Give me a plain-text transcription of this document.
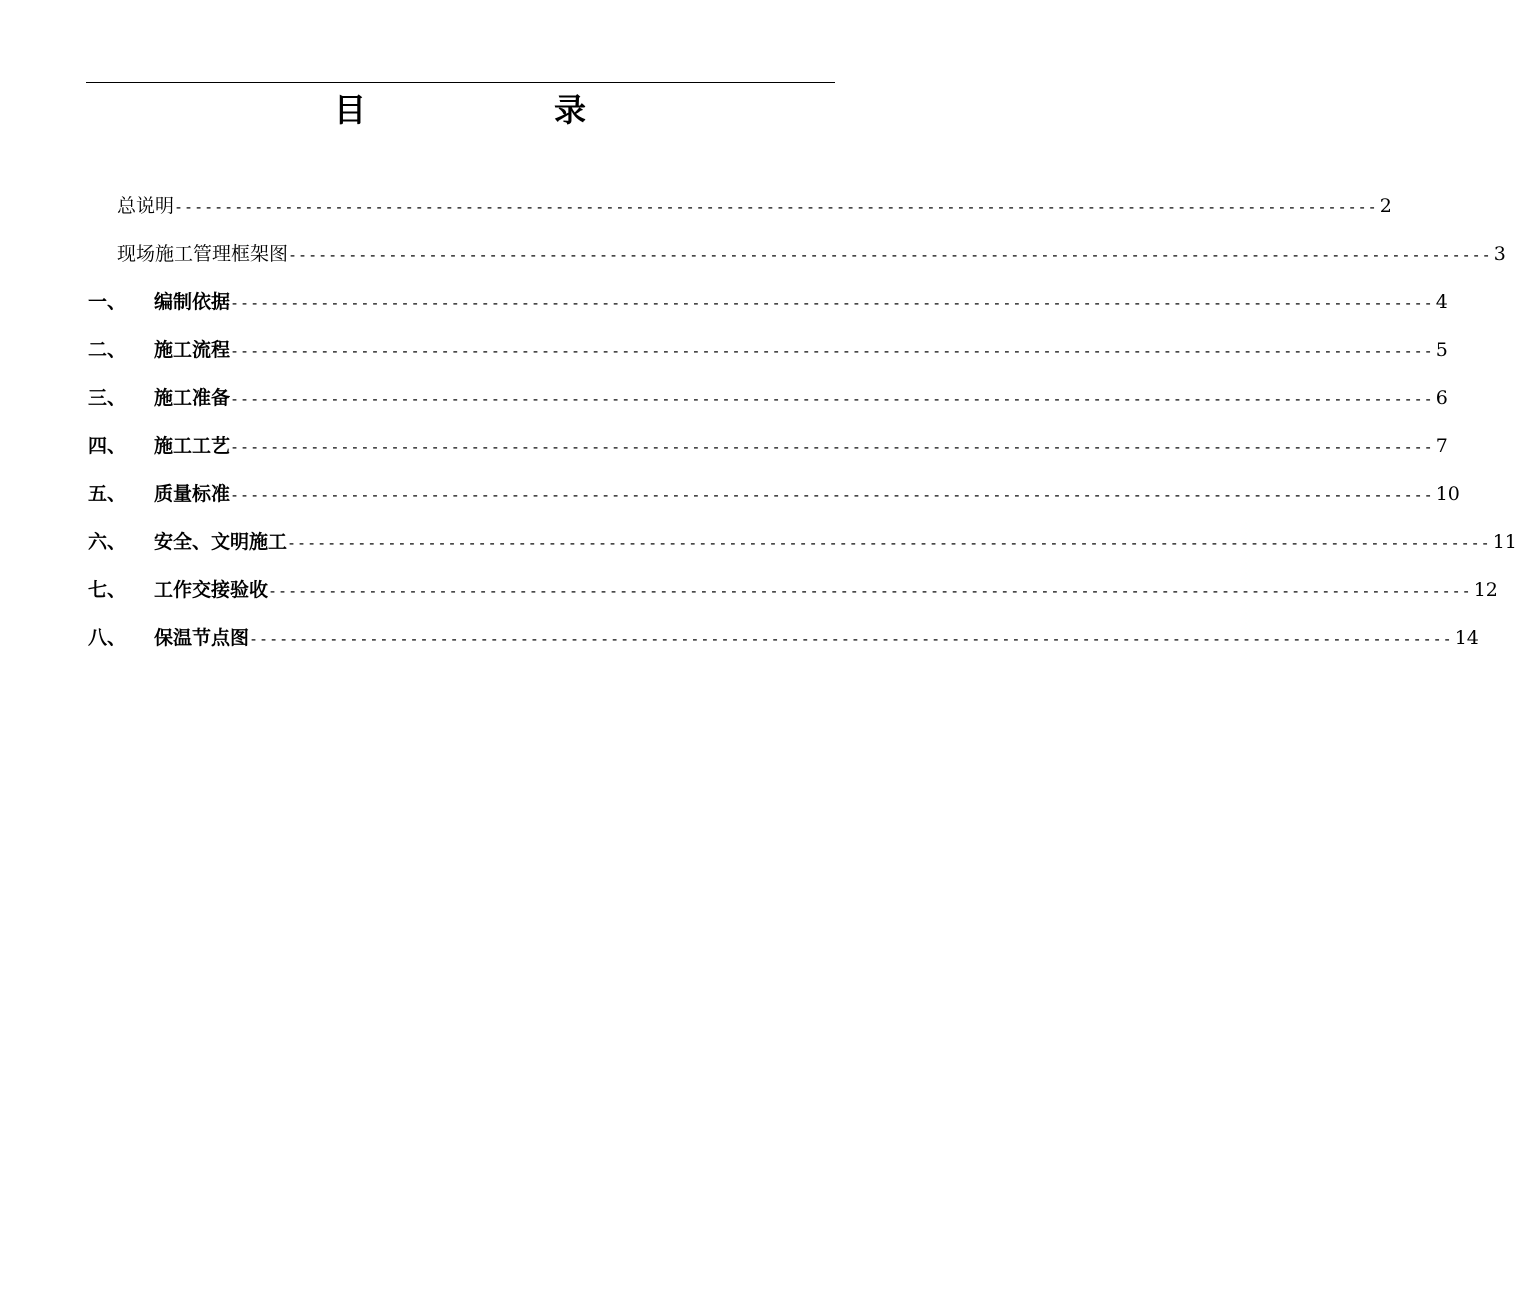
目　录
总说明 ------------------------------------------------------------------------------------------------------------------------ 2
现场施工管理框架图 ------------------------------------------------------------------------------------------------------------------------ 3
一、	编制依据 ------------------------------------------------------------------------------------------------------------------------ 4
二、	施工流程 ------------------------------------------------------------------------------------------------------------------------ 5
三、	施工准备 ------------------------------------------------------------------------------------------------------------------------ 6
四、	施工工艺 ------------------------------------------------------------------------------------------------------------------------ 7
五、	质量标准 ------------------------------------------------------------------------------------------------------------------------ 10
六、	安全、文明施工 ------------------------------------------------------------------------------------------------------------------------ 11
七、	工作交接验收 ------------------------------------------------------------------------------------------------------------------------ 12
八、	保温节点图 ------------------------------------------------------------------------------------------------------------------------ 14
